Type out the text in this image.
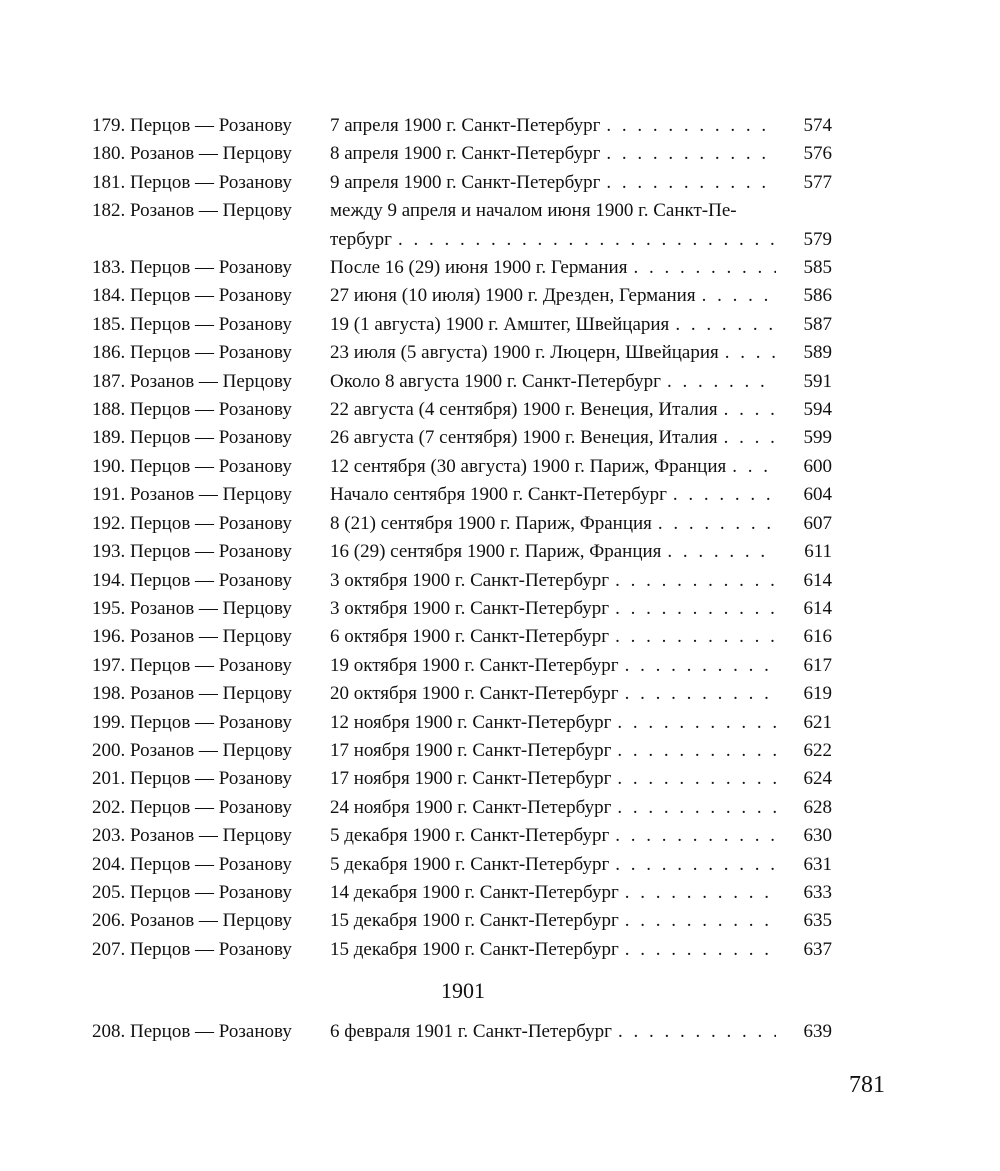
179. Перцов — Розанову 7 апреля 1900 г. Санкт-Петербург . . .	574
180. Розанов — Перцову 8 апреля 1900 г. Санкт-Петербург . . .	576
181. Перцов — Розанову 9 апреля 1900 г. Санкт-Петербург . . .	577
182. Розанов — Перцову между 9 апреля и началом июня 1900 г. Санкт-Пе-
тербург . . .	579
183. Перцов — Розанову После 16 (29) июня 1900 г. Германия . . .	585
184. Перцов — Розанову 27 июня (10 июля) 1900 г. Дрезден, Германия . . .	586
185. Перцов — Розанову 19 (1 августа) 1900 г. Амштег, Швейцария . . .	587
186. Перцов — Розанову 23 июля (5 августа) 1900 г. Люцерн, Швейцария . . .	589
187. Розанов — Перцову Около 8 августа 1900 г. Санкт-Петербург . . .	591
188. Перцов — Розанову 22 августа (4 сентября) 1900 г. Венеция, Италия . . .	594
189. Перцов — Розанову 26 августа (7 сентября) 1900 г. Венеция, Италия . . .	599
190. Перцов — Розанову 12 сентября (30 августа) 1900 г. Париж, Франция . . .	600
191. Розанов — Перцову Начало сентября 1900 г. Санкт-Петербург . . .	604
192. Перцов — Розанову 8 (21) сентября 1900 г. Париж, Франция . . .	607
193. Перцов — Розанову 16 (29) сентября 1900 г. Париж, Франция . . .	611
194. Перцов — Розанову 3 октября 1900 г. Санкт-Петербург . . .	614
195. Розанов — Перцову 3 октября 1900 г. Санкт-Петербург . . .	614
196. Розанов — Перцову 6 октября 1900 г. Санкт-Петербург . . .	616
197. Перцов — Розанову 19 октября 1900 г. Санкт-Петербург . . .	617
198. Розанов — Перцову 20 октября 1900 г. Санкт-Петербург . . .	619
199. Перцов — Розанову 12 ноября 1900 г. Санкт-Петербург . . .	621
200. Розанов — Перцову 17 ноября 1900 г. Санкт-Петербург . . .	622
201. Перцов — Розанову 17 ноября 1900 г. Санкт-Петербург . . .	624
202. Перцов — Розанову 24 ноября 1900 г. Санкт-Петербург . . .	628
203. Розанов — Перцову 5 декабря 1900 г. Санкт-Петербург . . .	630
204. Перцов — Розанову 5 декабря 1900 г. Санкт-Петербург . . .	631
205. Перцов — Розанову 14 декабря 1900 г. Санкт-Петербург . . .	633
206. Розанов — Перцову 15 декабря 1900 г. Санкт-Петербург . . .	635
207. Перцов — Розанову 15 декабря 1900 г. Санкт-Петербург . . .	637
1901
208. Перцов — Розанову 6 февраля 1901 г. Санкт-Петербург . . .	639
781
